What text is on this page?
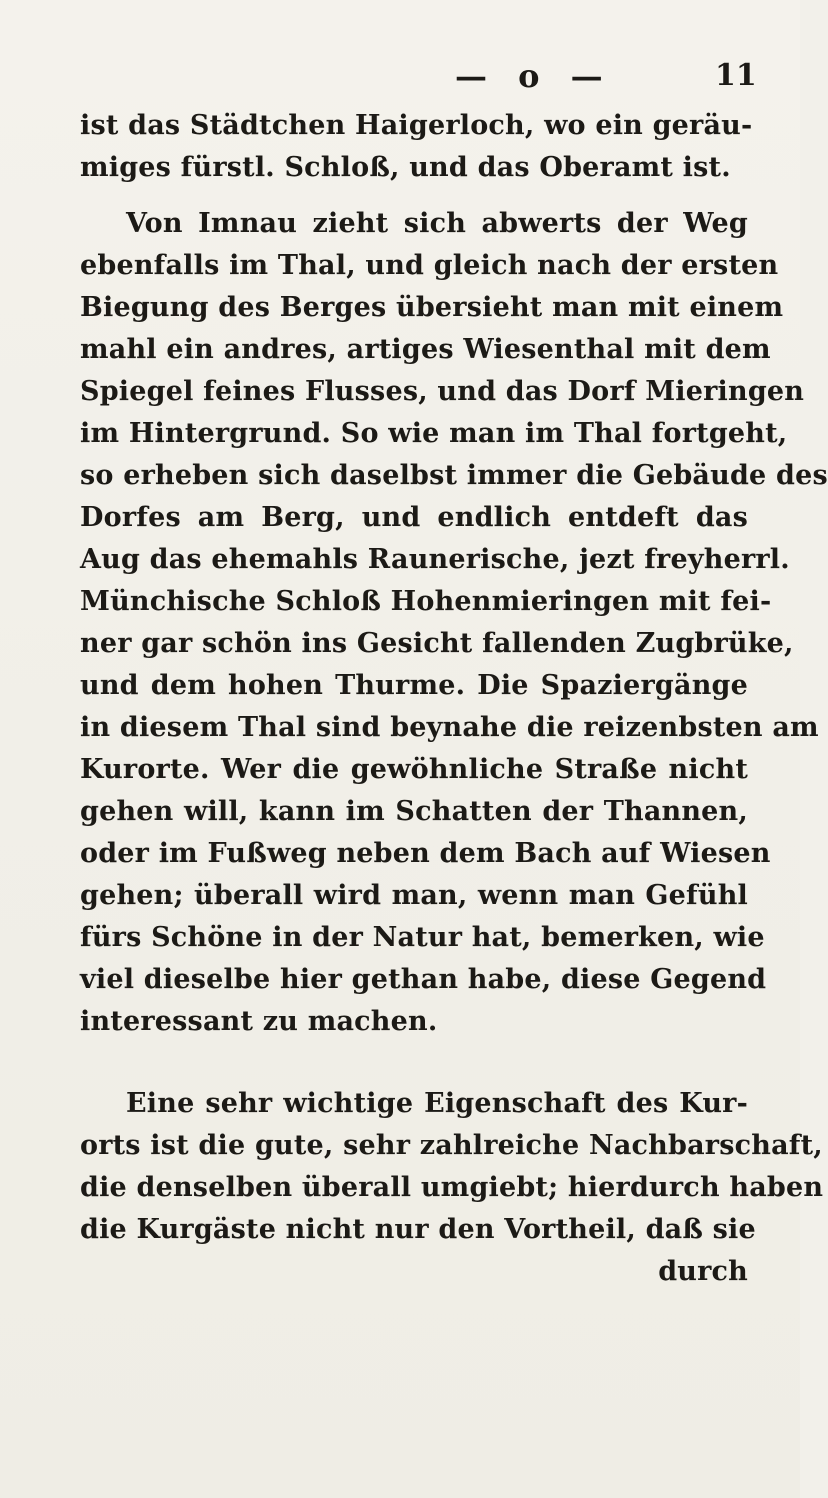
— o —	11
ist das Städtchen Haigerloch, wo ein geräu-
miges fürstl. Schloß, und das Oberamt ist.
Von Imnau zieht sich abwerts der Weg
ebenfalls im Thal, und gleich nach der ersten
Biegung des Berges übersieht man mit einem
mahl ein andres, artiges Wiesenthal mit dem
Spiegel feines Flusses, und das Dorf Mieringen
im Hintergrund. So wie man im Thal fortgeht,
so erheben sich daselbst immer die Gebäude des
Dorfes am Berg, und endlich entdeft das
Aug das ehemahls Raunerische, jezt freyherrl.
Münchische Schloß Hohenmieringen mit fei-
ner gar schön ins Gesicht fallenden Zugbrüke,
und dem hohen Thurme. Die Spaziergänge
in diesem Thal sind beynahe die reizenbsten am
Kurorte. Wer die gewöhnliche Straße nicht
gehen will, kann im Schatten der Thannen,
oder im Fußweg neben dem Bach auf Wiesen
gehen; überall wird man, wenn man Gefühl
fürs Schöne in der Natur hat, bemerken, wie
viel dieselbe hier gethan habe, diese Gegend
interessant zu machen.
Eine sehr wichtige Eigenschaft des Kur-
orts ist die gute, sehr zahlreiche Nachbarschaft,
die denselben überall umgiebt; hierdurch haben
die Kurgäste nicht nur den Vortheil, daß sie
durch
